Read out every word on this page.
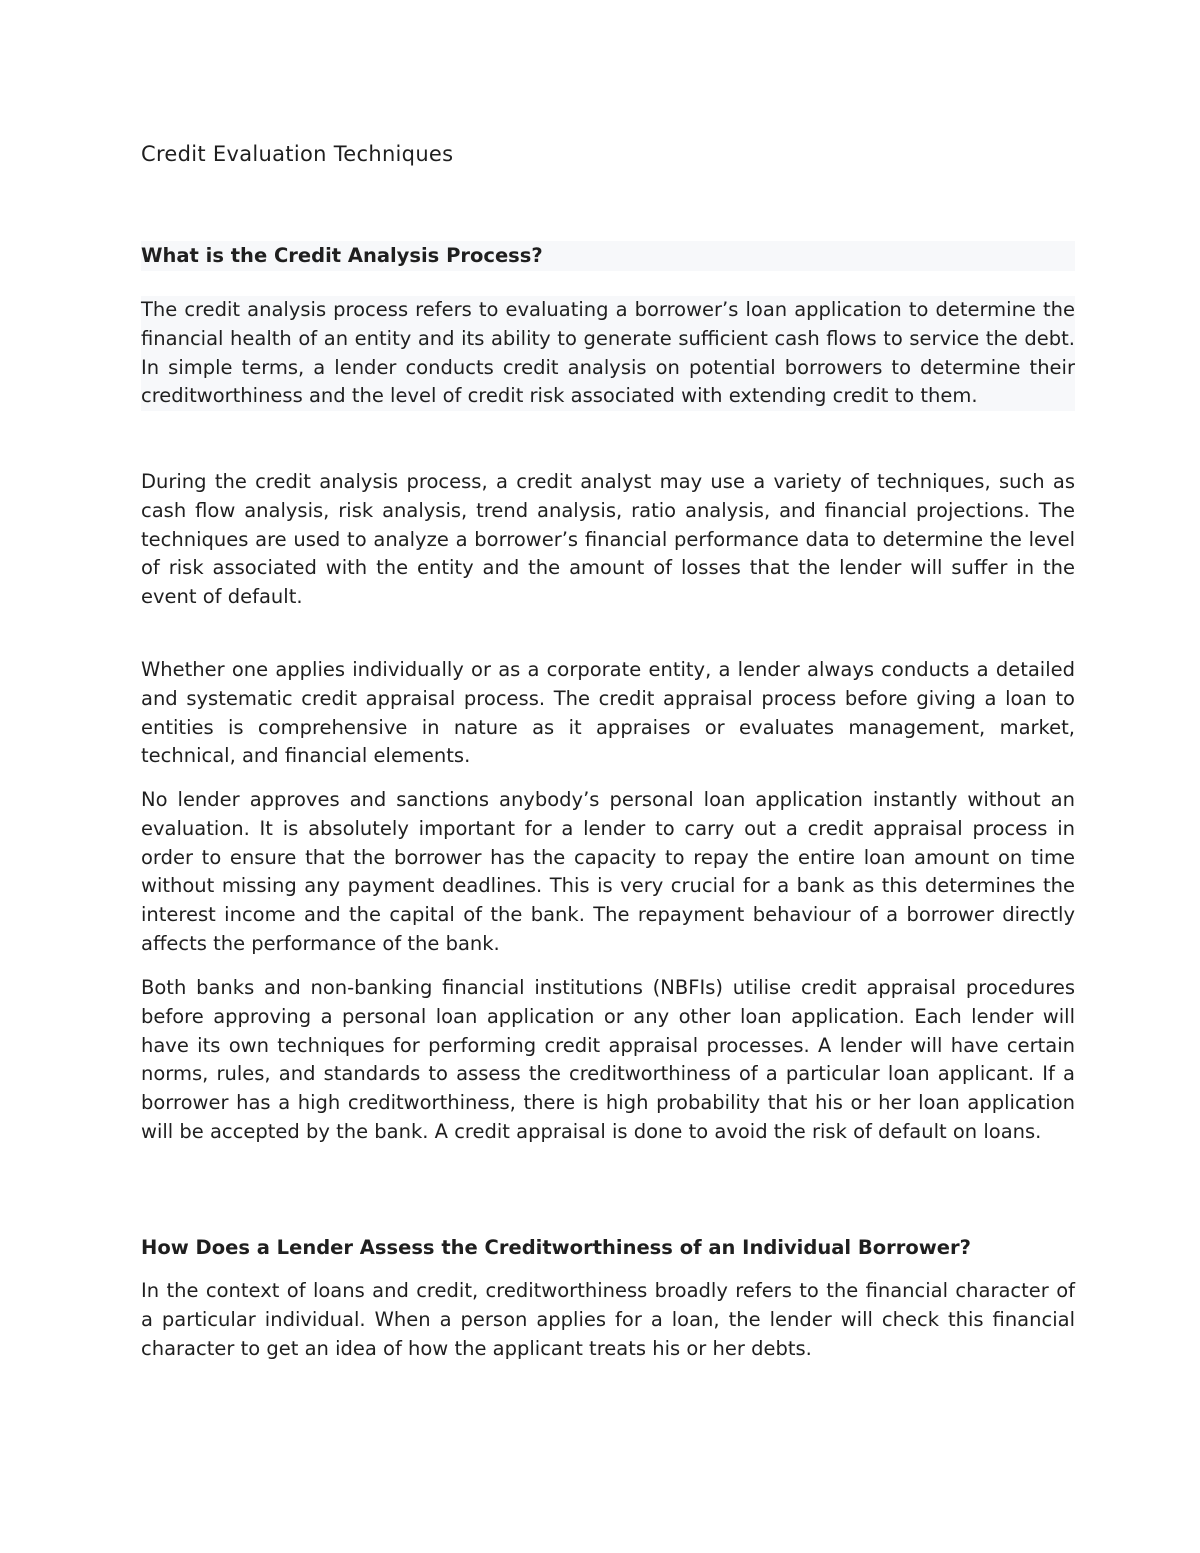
Credit Evaluation Techniques
What is the Credit Analysis Process?

The credit analysis process refers to evaluating a borrower’s loan application to determine the financial health of an entity and its ability to generate sufficient cash flows to service the debt. In simple terms, a lender conducts credit analysis on potential borrowers to determine their creditworthiness and the level of credit risk associated with extending credit to them.

During the credit analysis process, a credit analyst may use a variety of techniques, such as cash flow analysis, risk analysis, trend analysis, ratio analysis, and financial projections. The techniques are used to analyze a borrower’s financial performance data to determine the level of risk associated with the entity and the amount of losses that the lender will suffer in the event of default.

Whether one applies individually or as a corporate entity, a lender always conducts a detailed and systematic credit appraisal process. The credit appraisal process before giving a loan to entities is comprehensive in nature as it appraises or evaluates management, market, technical, and financial elements.

No lender approves and sanctions anybody’s personal loan application instantly without an evaluation. It is absolutely important for a lender to carry out a credit appraisal process in order to ensure that the borrower has the capacity to repay the entire loan amount on time without missing any payment deadlines. This is very crucial for a bank as this determines the interest income and the capital of the bank. The repayment behaviour of a borrower directly affects the performance of the bank.

Both banks and non-banking financial institutions (NBFIs) utilise credit appraisal procedures before approving a personal loan application or any other loan application. Each lender will have its own techniques for performing credit appraisal processes. A lender will have certain norms, rules, and standards to assess the creditworthiness of a particular loan applicant. If a borrower has a high creditworthiness, there is high probability that his or her loan application will be accepted by the bank. A credit appraisal is done to avoid the risk of default on loans.

How Does a Lender Assess the Creditworthiness of an Individual Borrower?

In the context of loans and credit, creditworthiness broadly refers to the financial character of a particular individual. When a person applies for a loan, the lender will check this financial character to get an idea of how the applicant treats his or her debts.
